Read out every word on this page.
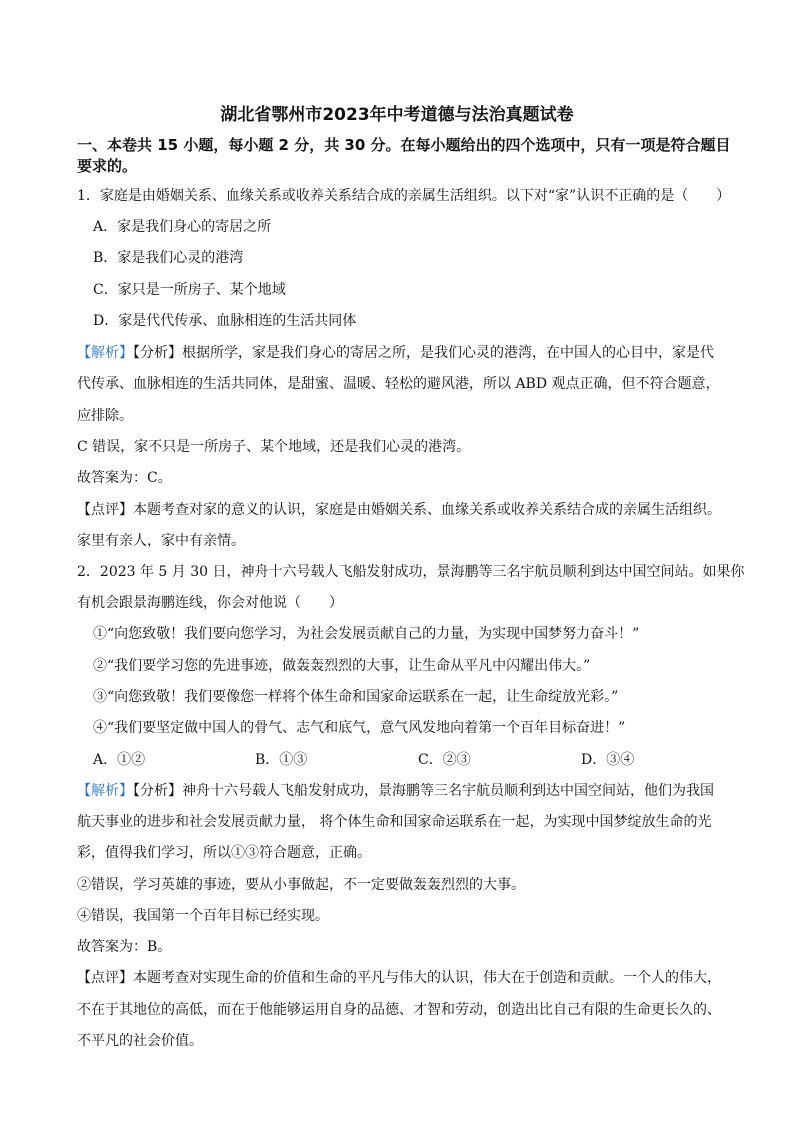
湖北省鄂州市2023年中考道德与法治真题试卷
一、本卷共 15 小题，每小题 2 分，共 30 分。在每小题给出的四个选项中，只有一项是符合题目
要求的。
1．家庭是由婚姻关系、血缘关系或收养关系结合成的亲属生活组织。以下对“家”认识不正确的是（　　）
A．家是我们身心的寄居之所
B．家是我们心灵的港湾
C．家只是一所房子、某个地域
D．家是代代传承、血脉相连的生活共同体
【解析】【分析】根据所学，家是我们身心的寄居之所，是我们心灵的港湾，在中国人的心目中，家是代
代传承、血脉相连的生活共同体，是甜蜜、温暖、轻松的避风港，所以 ABD 观点正确，但不符合题意，
应排除。
C 错误，家不只是一所房子、某个地域，还是我们心灵的港湾。
故答案为：C。
【点评】本题考查对家的意义的认识，家庭是由婚姻关系、血缘关系或收养关系结合成的亲属生活组织。
家里有亲人，家中有亲情。
2．2023 年 5 月 30 日，神舟十六号载人飞船发射成功，景海鹏等三名宇航员顺利到达中国空间站。如果你
有机会跟景海鹏连线，你会对他说（　　）
①“向您致敬！我们要向您学习，为社会发展贡献自己的力量，为实现中国梦努力奋斗！”
②“我们要学习您的先进事迹，做轰轰烈烈的大事，让生命从平凡中闪耀出伟大。”
③“向您致敬！我们要像您一样将个体生命和国家命运联系在一起，让生命绽放光彩。”
④“我们要坚定做中国人的骨气、志气和底气，意气风发地向着第一个百年目标奋进！”
A．①②	B．①③	C．②③	D．③④
【解析】【分析】神舟十六号载人飞船发射成功，景海鹏等三名宇航员顺利到达中国空间站，他们为我国
航天事业的进步和社会发展贡献力量， 将个体生命和国家命运联系在一起，为实现中国梦绽放生命的光
彩，值得我们学习，所以①③符合题意，正确。
②错误，学习英雄的事迹，要从小事做起，不一定要做轰轰烈烈的大事。
④错误，我国第一个百年目标已经实现。
故答案为：B。
【点评】本题考查对实现生命的价值和生命的平凡与伟大的认识，伟大在于创造和贡献。一个人的伟大，
不在于其地位的高低，而在于他能够运用自身的品德、才智和劳动，创造出比自己有限的生命更长久的、
不平凡的社会价值。
